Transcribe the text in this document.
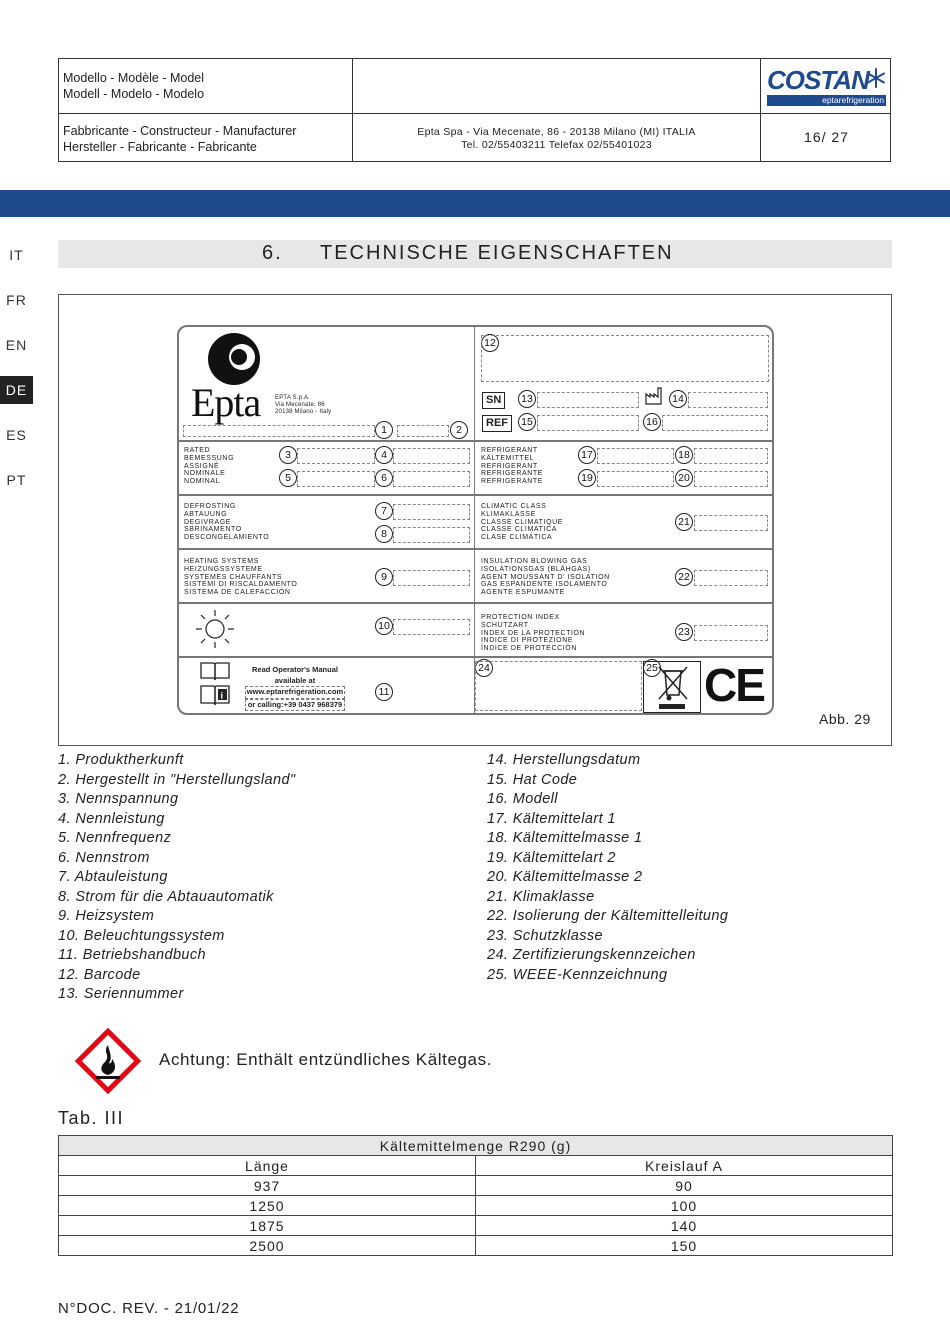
Modello - Modèle - Model
Modell - Modelo - Modelo
Fabbricante - Constructeur - Manufacturer
Hersteller - Fabricante - Fabricante
Epta Spa - Via Mecenate, 86 - 20138 Milano (MI) ITALIA
Tel. 02/55403211 Telefax 02/55401023	16/ 27
COSTAN
eptarefrigeration
IT
FR
EN
DE
ES
PT
6. TECHNISCHE EIGENSCHAFTEN
Abb. 29
Epta EPTA S.p.A.
Via Mecenate, 86
20138 Milano - Italy
1	2
12
SN	13	14
REF	15	16
RATED
BEMESSUNG
ASSIGNÉ
NOMINALE
NOMINAL
3	4
5	6
REFRIGERANT
KÄLTEMITTEL
REFRIGERANT
REFRIGERANTE
REFRIGERANTE
17	18
19	20
DEFROSTING
ABTAUUNG
DEGIVRAGE
SBRINAMENTO
DESCONGELAMIENTO
7
8
CLIMATIC CLASS
KLIMAKLASSE
CLASSE CLIMATIQUE
CLASSE CLIMATICA
CLASE CLIMÁTICA
21
HEATING SYSTEMS
HEIZUNGSSYSTEME
SYSTEMES CHAUFFANTS
SISTEMI DI RISCALDAMENTO
SISTEMA DE CALEFACCIÓN
9
INSULATION BLOWING GAS
ISOLATIONSGAS (BLÄHGAS)
AGENT MOUSSANT D' ISOLATION
GAS ESPANDENTE ISOLAMENTO
AGENTE ESPUMANTE
22
10
PROTECTION INDEX
SCHUTZART
INDEX DE LA PROTECTION
INDICE DI PROTEZIONE
ÍNDICE DE PROTECCIÓN
23
i
Read Operator's Manual
available at
www.eptarefrigeration.com
or calling:+39 0437 968379
11
24	25 CE
1. Produktherkunft
2. Hergestellt in "Herstellungsland"
3. Nennspannung
4. Nennleistung
5. Nennfrequenz
6. Nennstrom
7. Abtauleistung
8. Strom für die Abtauautomatik
9. Heizsystem
10. Beleuchtungssystem
11. Betriebshandbuch
12. Barcode
13. Seriennummer
14. Herstellungsdatum
15. Hat Code
16. Modell
17. Kältemittelart 1
18. Kältemittelmasse 1
19. Kältemittelart 2
20. Kältemittelmasse 2
21. Klimaklasse
22. Isolierung der Kältemittelleitung
23. Schutzklasse
24. Zertifizierungskennzeichen
25. WEEE-Kennzeichnung
Achtung: Enthält entzündliches Kältegas.
Tab. III
Kältemittelmenge R290 (g)	
Länge	Kreislauf A
937	90
1250	100
1875	140
2500	150
N°DOC. REV. - 21/01/22
